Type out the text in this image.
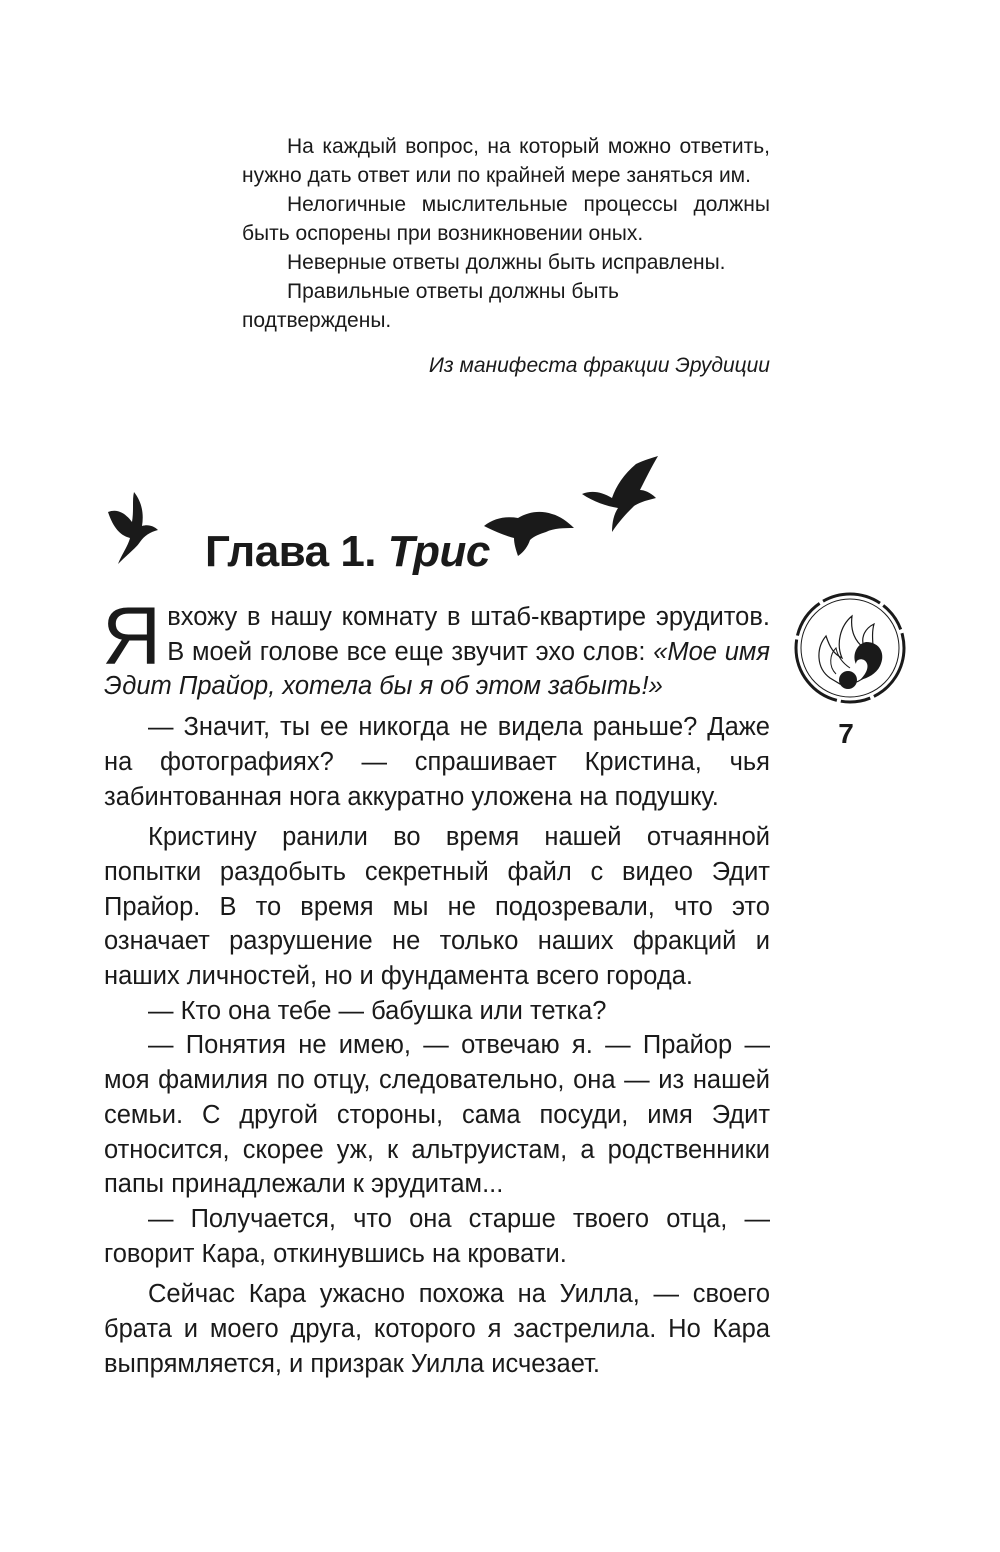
На каждый вопрос, на который можно ответить, нужно дать ответ или по крайней мере заняться им.

Нелогичные мыслительные процессы должны быть оспорены при возникновении оных.

Неверные ответы должны быть исправлены.

Правильные ответы должны быть подтверждены.

Из манифеста фракции Эрудиции

Глава 1. Трис
7

Явхожу в нашу комнату в штаб-квартире эрудитов. В моей голове все еще звучит эхо слов: «Мое имя Эдит Прайор, хотела бы я об этом забыть!»

— Значит, ты ее никогда не видела раньше? Даже на фотографиях? — спрашивает Кристина, чья забинтованная нога аккуратно уложена на подушку.

Кристину ранили во время нашей отчаянной попытки раздобыть секретный файл с видео Эдит Прайор. В то время мы не подозревали, что это означает разрушение не только наших фракций и наших личностей, но и фундамента всего города.

— Кто она тебе — бабушка или тетка?

— Понятия не имею, — отвечаю я. — Прайор — моя фамилия по отцу, следовательно, она — из нашей семьи. С другой стороны, сама посуди, имя Эдит относится, скорее уж, к альтруистам, а родственники папы принадлежали к эрудитам...

— Получается, что она старше твоего отца, — говорит Кара, откинувшись на кровати.

Сейчас Кара ужасно похожа на Уилла, — своего брата и моего друга, которого я застрелила. Но Кара выпрямляется, и призрак Уилла исчезает.
